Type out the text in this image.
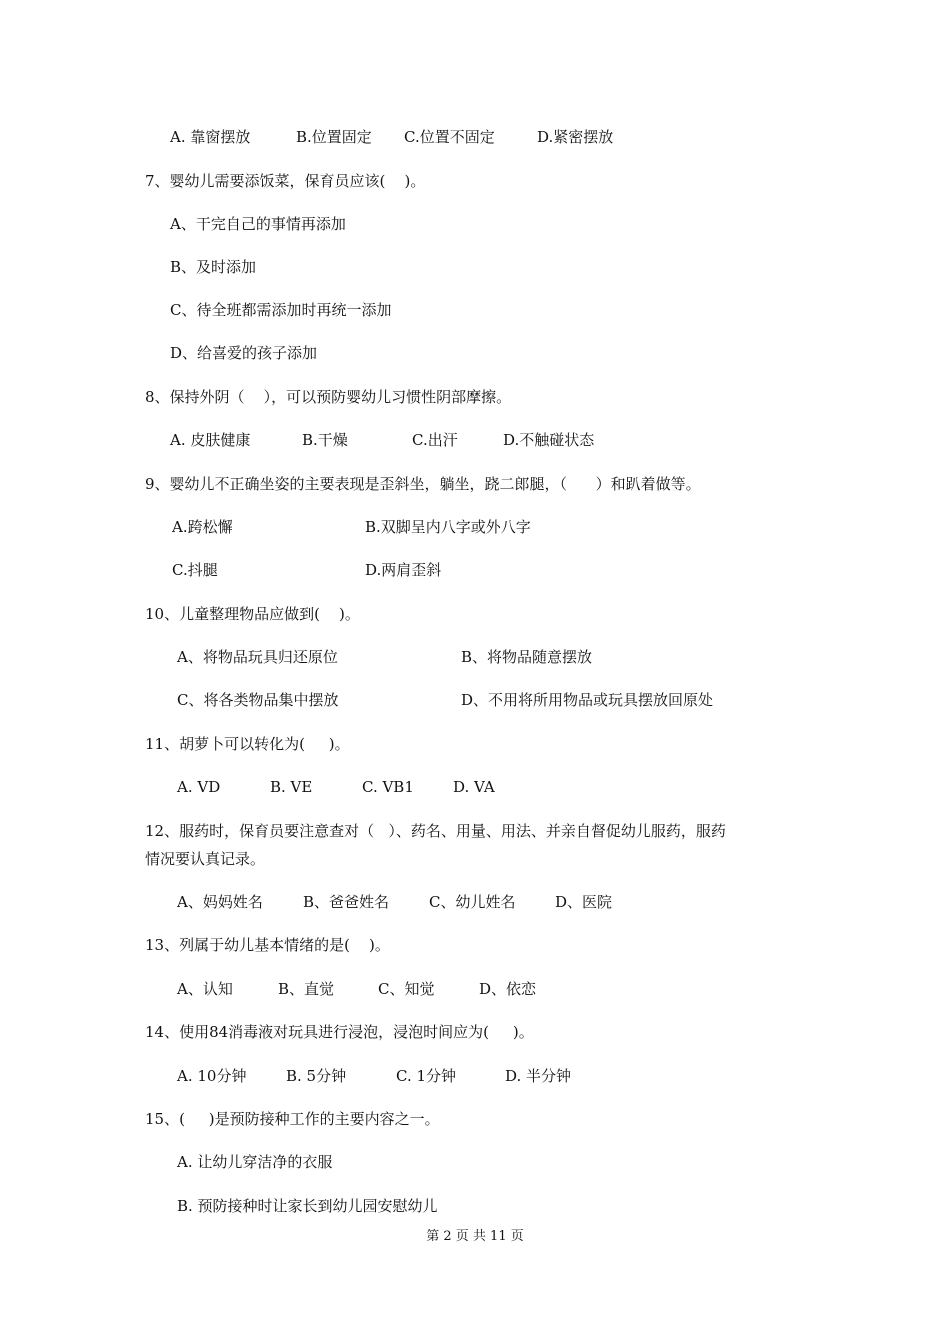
A. 靠窗摆放	B.位置固定 C.位置不固定	D.紧密摆放
7、婴幼儿需要添饭菜，保育员应该(    )。
A、干完自己的事情再添加
B、及时添加
C、待全班都需添加时再统一添加
D、给喜爱的孩子添加
8、保持外阴（    ），可以预防婴幼儿习惯性阴部摩擦。
A. 皮肤健康	B.干燥	C.出汗	D.不触碰状态
9、婴幼儿不正确坐姿的主要表现是歪斜坐，躺坐，跷二郎腿，（      ）和趴着做等。
A.跨松懈	B.双脚呈内八字或外八字
C.抖腿	D.两肩歪斜
10、儿童整理物品应做到(    )。
A、将物品玩具归还原位	B、将物品随意摆放
C、将各类物品集中摆放	D、不用将所用物品或玩具摆放回原处
11、胡萝卜可以转化为(     )。
A. VD	B. VE	C. VB1	D. VA
12、服药时，保育员要注意查对（   ）、药名、用量、用法、并亲自督促幼儿服药，服药
情况要认真记录。
A、妈妈姓名	B、爸爸姓名	C、幼儿姓名	D、医院
13、列属于幼儿基本情绪的是(    )。
A、认知	B、直觉	C、知觉	D、依恋
14、使用84消毒液对玩具进行浸泡，浸泡时间应为(     )。
A. 10分钟	B. 5分钟	C. 1分钟	D. 半分钟
15、(     )是预防接种工作的主要内容之一。
A. 让幼儿穿洁净的衣服
B. 预防接种时让家长到幼儿园安慰幼儿
第 2 页 共 11 页
